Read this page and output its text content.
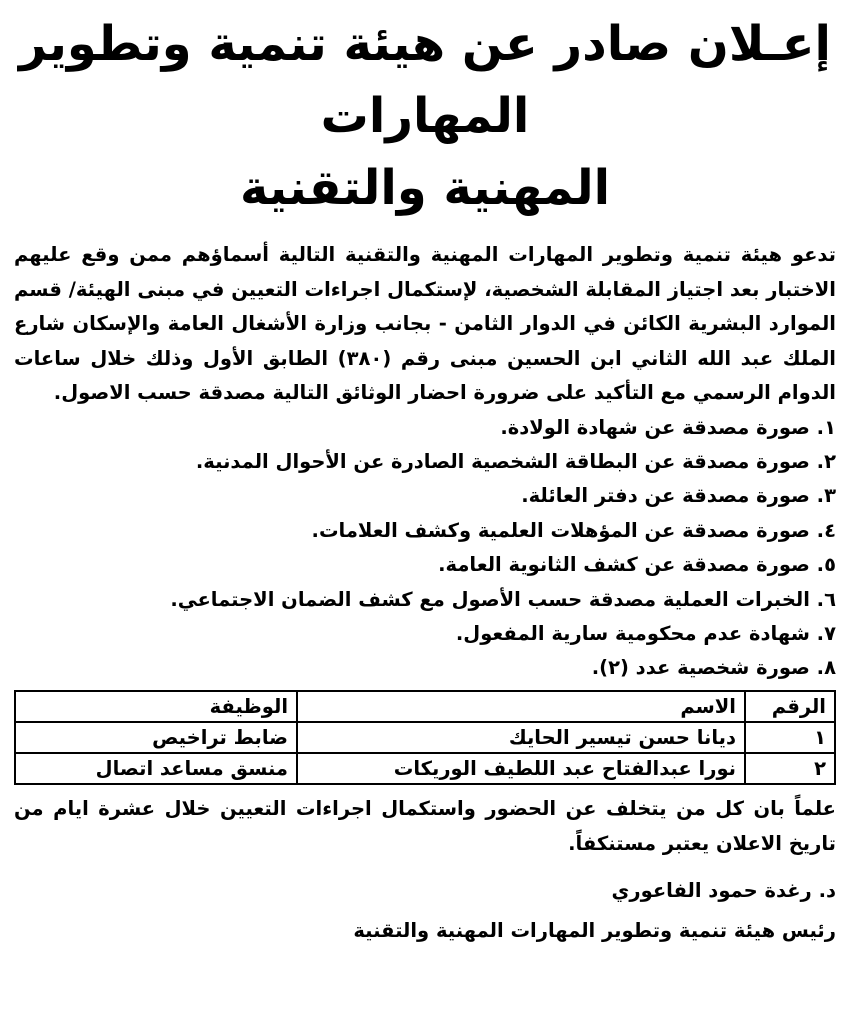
إعـلان صادر عن هيئة تنمية وتطوير المهارات
المهنية والتقنية

تدعو هيئة تنمية وتطوير المهارات المهنية والتقنية التالية أسماؤهم ممن وقع عليهم الاختبار بعد اجتياز المقابلة الشخصية، لإستكمال اجراءات التعيين في مبنى الهيئة/ قسم الموارد البشرية الكائن في الدوار الثامن - بجانب وزارة الأشغال العامة والإسكان شارع الملك عبد الله الثاني ابن الحسين مبنى رقم (٣٨٠) الطابق الأول وذلك خلال ساعات الدوام الرسمي مع التأكيد على ضرورة احضار الوثائق التالية مصدقة حسب الاصول.

١. صورة مصدقة عن شهادة الولادة.
٢. صورة مصدقة عن البطاقة الشخصية الصادرة عن الأحوال المدنية.
٣. صورة مصدقة عن دفتر العائلة.
٤. صورة مصدقة عن المؤهلات العلمية وكشف العلامات.
٥. صورة مصدقة عن كشف الثانوية العامة.
٦. الخبرات العملية مصدقة حسب الأصول مع كشف الضمان الاجتماعي.
٧. شهادة عدم محكومية سارية المفعول.
٨. صورة شخصية عدد (٢).
الرقم	الاسم	الوظيفة
١	ديانا حسن تيسير الحايك	ضابط تراخيص
٢	نورا عبدالفتاح عبد اللطيف الوريكات	منسق مساعد اتصال

علماً بان كل من يتخلف عن الحضور واستكمال اجراءات التعيين خلال عشرة ايام من تاريخ الاعلان يعتبر مستنكفاً.

د. رغدة حمود الفاعوري
رئيس هيئة تنمية وتطوير المهارات المهنية والتقنية
